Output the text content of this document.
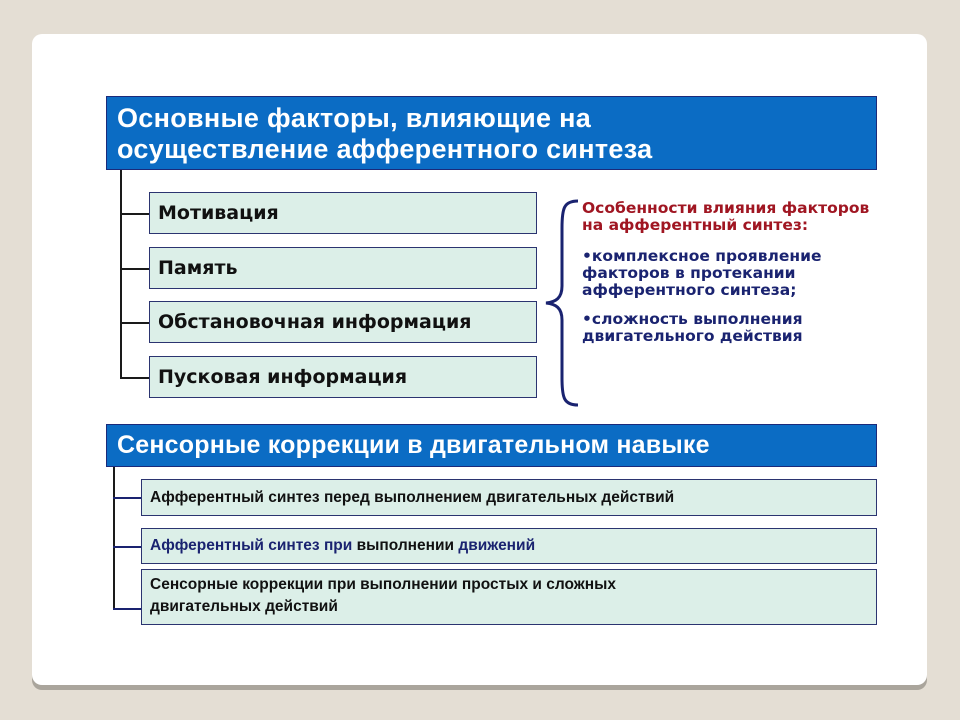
Основные факторы, влияющие на
осуществление афферентного синтеза
Мотивация
Память
Обстановочная информация
Пусковая информация
Особенности влияния факторов на афферентный синтез:
•комплексное проявление факторов в протекании афферентного синтеза;
•сложность выполнения двигательного действия
Сенсорные коррекции в двигательном навыке
Афферентный синтез перед выполнением двигательных действий
Афферентный синтез при выполнении движений
Сенсорные коррекции при выполнении простых и сложных
двигательных действий
